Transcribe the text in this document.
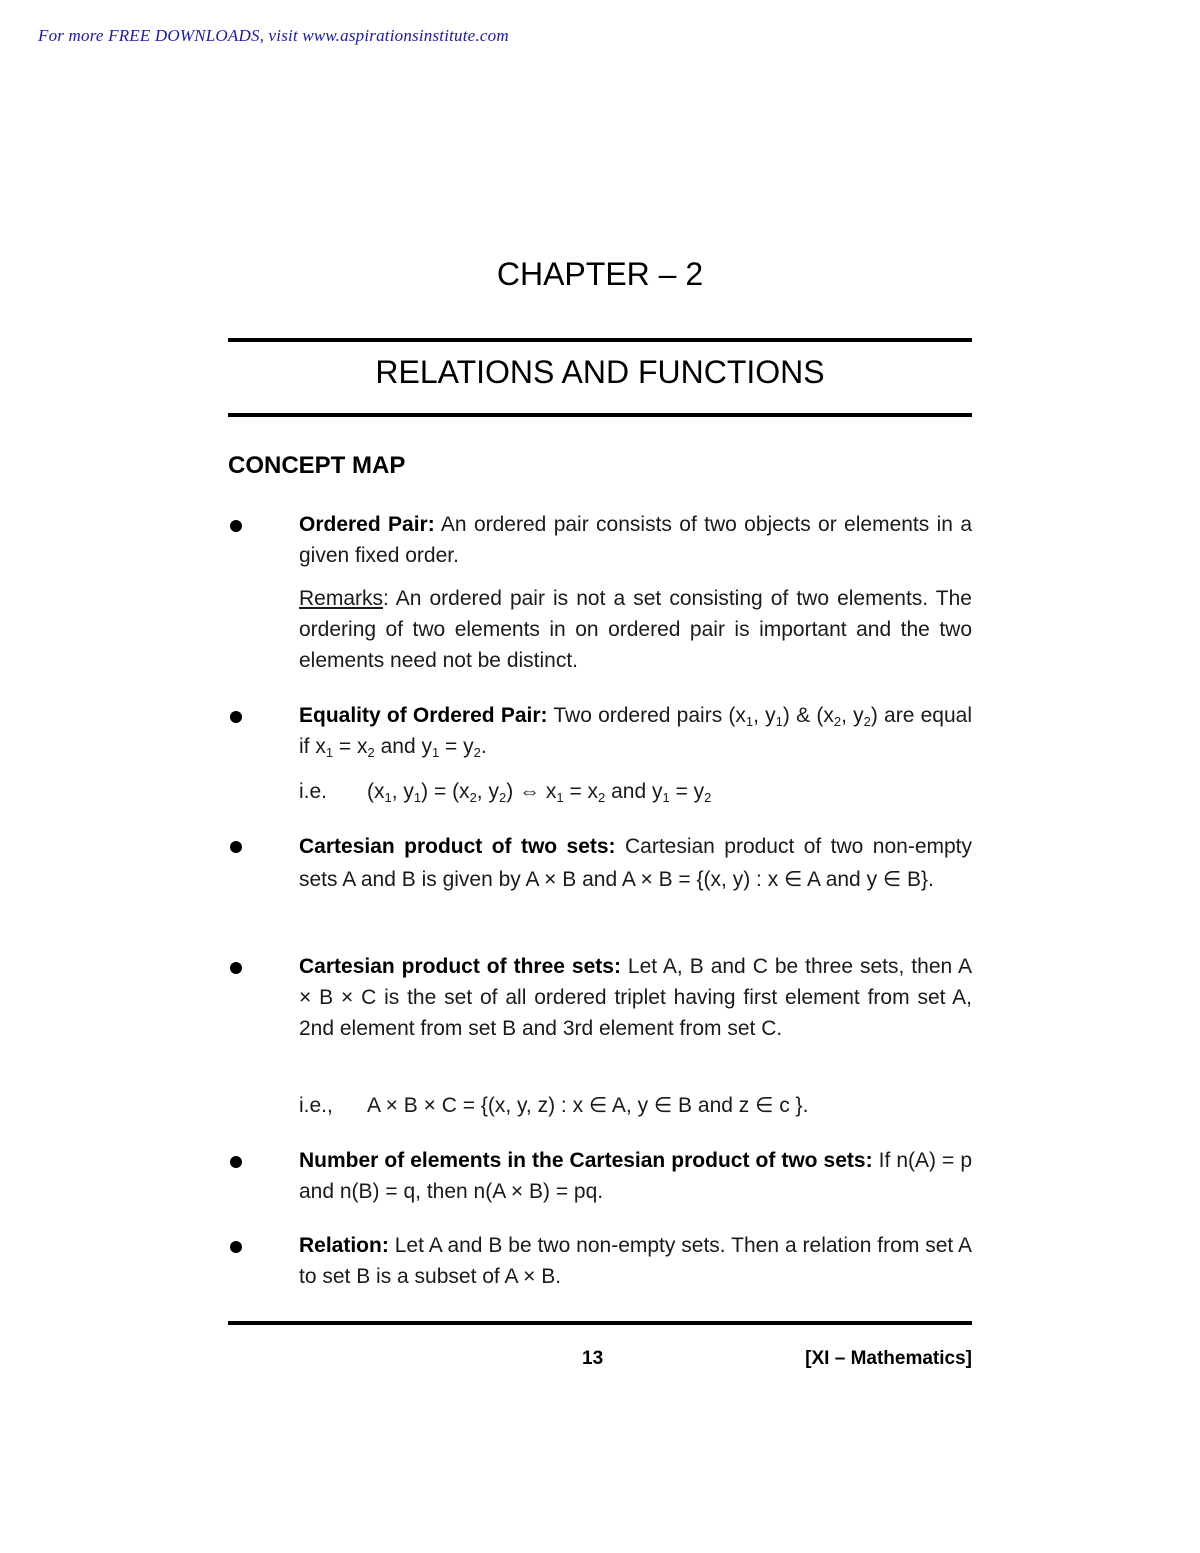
For more FREE DOWNLOADS, visit www.aspirationsinstitute.com
CHAPTER – 2
RELATIONS AND FUNCTIONS
CONCEPT MAP
Ordered Pair: An ordered pair consists of two objects or elements in a given fixed order.
Remarks: An ordered pair is not a set consisting of two elements. The ordering of two elements in on ordered pair is important and the two elements need not be distinct.
Equality of Ordered Pair: Two ordered pairs ($x_1$, $y_1$) & ($x_2$, $y_2$) are equal if $x_1 = x_2$ and $y_1 = y_2$.
i.e. ($x_1$, $y_1) = (x_2$, $y_2$) ⇔ $x_1 = x_2$ and $y_1 = y_2$
Cartesian product of two sets: Cartesian product of two non-empty sets A and B is given by A × B and A × B = {(x, y) : x ∈ A and y ∈ B}.
Cartesian product of three sets: Let A, B and C be three sets, then A × B × C is the set of all ordered triplet having first element from set A, 2nd element from set B and 3rd element from set C.
i.e., A × B × C = {(x, y, z) : x ∈ A, y ∈ B and z ∈ c }.
Number of elements in the Cartesian product of two sets: If n(A) = p and n(B) = q, then n(A × B) = pq.
Relation: Let A and B be two non-empty sets. Then a relation from set A to set B is a subset of A × B.
13	[XI – Mathematics]
